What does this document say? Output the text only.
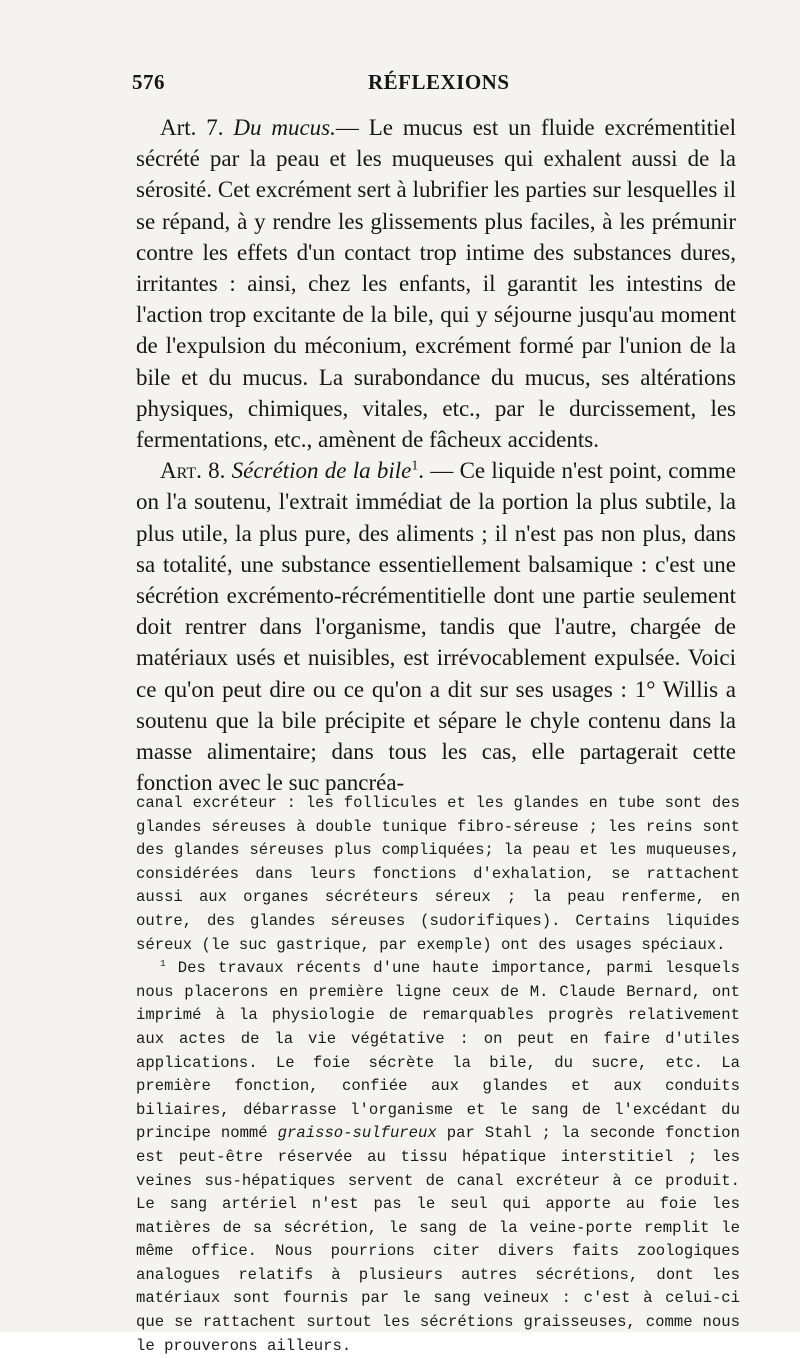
576	RÉFLEXIONS

Art. 7. Du mucus.— Le mucus est un fluide excrémentitiel sécrété par la peau et les muqueuses qui exhalent aussi de la sérosité. Cet excrément sert à lubrifier les parties sur lesquelles il se répand, à y rendre les glissements plus faciles, à les prémunir contre les effets d'un contact trop intime des substances dures, irritantes : ainsi, chez les enfants, il garantit les intestins de l'action trop excitante de la bile, qui y séjourne jusqu'au moment de l'expulsion du méconium, excrément formé par l'union de la bile et du mucus. La surabondance du mucus, ses altérations physiques, chimiques, vitales, etc., par le durcissement, les fermentations, etc., amènent de fâcheux accidents.

Art. 8. Sécrétion de la bile$^1$. — Ce liquide n'est point, comme on l'a soutenu, l'extrait immédiat de la portion la plus subtile, la plus utile, la plus pure, des aliments ; il n'est pas non plus, dans sa totalité, une substance essentiellement balsamique : c'est une sécrétion excrémento-récrémentitielle dont une partie seulement doit rentrer dans l'organisme, tandis que l'autre, chargée de matériaux usés et nuisibles, est irrévocablement expulsée. Voici ce qu'on peut dire ou ce qu'on a dit sur ses usages : 1° Willis a soutenu que la bile précipite et sépare le chyle contenu dans la masse alimentaire; dans tous les cas, elle partagerait cette fonction avec le suc pancréa-

canal excréteur : les follicules et les glandes en tube sont des glandes séreuses à double tunique fibro-séreuse ; les reins sont des glandes séreuses plus compliquées; la peau et les muqueuses, considérées dans leurs fonctions d'exhalation, se rattachent aussi aux organes sécréteurs séreux ; la peau renferme, en outre, des glandes séreuses (sudorifiques). Certains liquides séreux (le suc gastrique, par exemple) ont des usages spéciaux.

$^1$ Des travaux récents d'une haute importance, parmi lesquels nous placerons en première ligne ceux de M. Claude Bernard, ont imprimé à la physiologie de remarquables progrès relativement aux actes de la vie végétative : on peut en faire d'utiles applications. Le foie sécrète la bile, du sucre, etc. La première fonction, confiée aux glandes et aux conduits biliaires, débarrasse l'organisme et le sang de l'excédant du principe nommé graisso-sulfureux par Stahl ; la seconde fonction est peut-être réservée au tissu hépatique interstitiel ; les veines sus-hépatiques servent de canal excréteur à ce produit. Le sang artériel n'est pas le seul qui apporte au foie les matières de sa sécrétion, le sang de la veine-porte remplit le même office. Nous pourrions citer divers faits zoologiques analogues relatifs à plusieurs autres sécrétions, dont les matériaux sont fournis par le sang veineux : c'est à celui-ci que se rattachent surtout les sécrétions graisseuses, comme nous le prouverons ailleurs.
